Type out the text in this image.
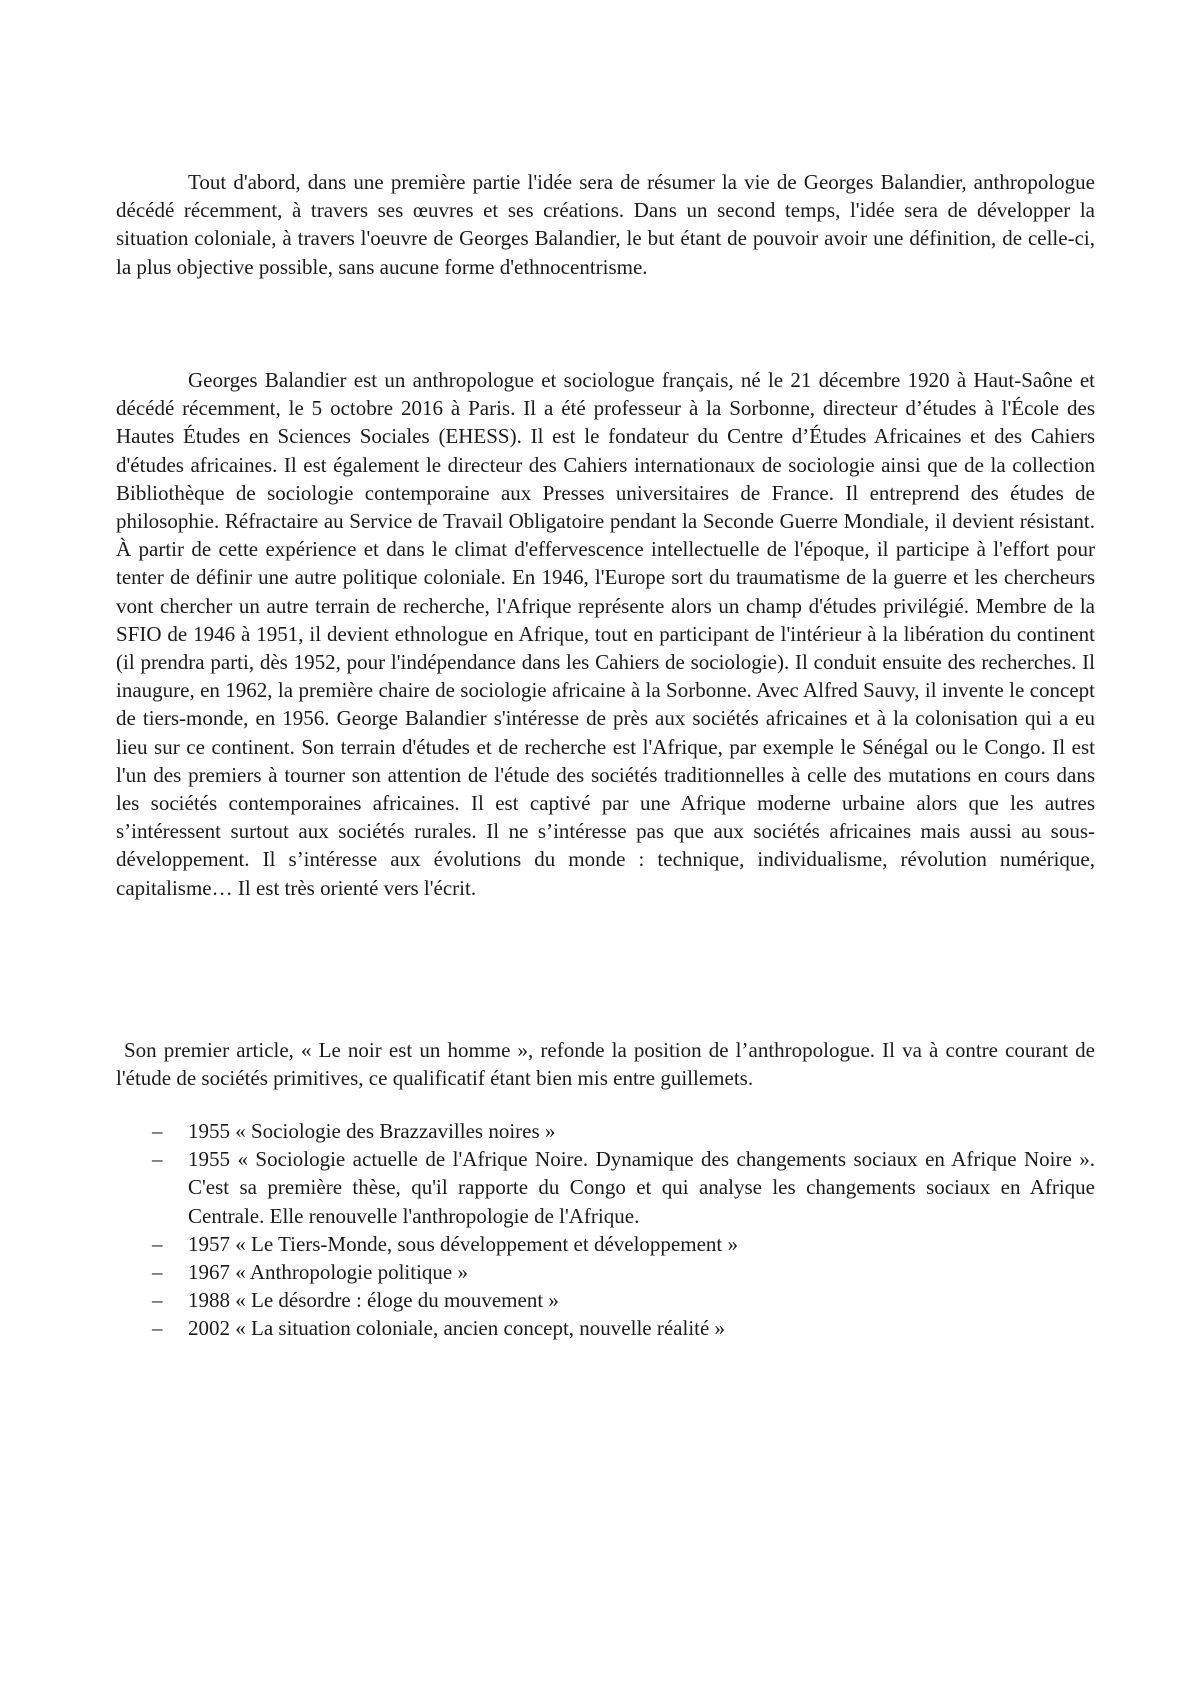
Tout d'abord, dans une première partie l'idée sera de résumer la vie de Georges Balandier, anthropologue décédé récemment, à travers ses œuvres et ses créations. Dans un second temps, l'idée sera de développer la situation coloniale, à travers l'oeuvre de Georges Balandier, le but étant de pouvoir avoir une définition, de celle-ci, la plus objective possible, sans aucune forme d'ethnocentrisme.

Georges Balandier est un anthropologue et sociologue français, né le 21 décembre 1920 à Haut-Saône et décédé récemment, le 5 octobre 2016 à Paris. Il a été professeur à la Sorbonne, directeur d’études à l'École des Hautes Études en Sciences Sociales (EHESS). Il est le fondateur du Centre d’Études Africaines et des Cahiers d'études africaines. Il est également le directeur des Cahiers internationaux de sociologie ainsi que de la collection Bibliothèque de sociologie contemporaine aux Presses universitaires de France. Il entreprend des études de philosophie. Réfractaire au Service de Travail Obligatoire pendant la Seconde Guerre Mondiale, il devient résistant. À partir de cette expérience et dans le climat d'effervescence intellectuelle de l'époque, il participe à l'effort pour tenter de définir une autre politique coloniale. En 1946, l'Europe sort du traumatisme de la guerre et les chercheurs vont chercher un autre terrain de recherche, l'Afrique représente alors un champ d'études privilégié. Membre de la SFIO de 1946 à 1951, il devient ethnologue en Afrique, tout en participant de l'intérieur à la libération du continent (il prendra parti, dès 1952, pour l'indépendance dans les Cahiers de sociologie). Il conduit ensuite des recherches. Il inaugure, en 1962, la première chaire de sociologie africaine à la Sorbonne. Avec Alfred Sauvy, il invente le concept de tiers-monde, en 1956. George Balandier s'intéresse de près aux sociétés africaines et à la colonisation qui a eu lieu sur ce continent. Son terrain d'études et de recherche est l'Afrique, par exemple le Sénégal ou le Congo. Il est l'un des premiers à tourner son attention de l'étude des sociétés traditionnelles à celle des mutations en cours dans les sociétés contemporaines africaines. Il est captivé par une Afrique moderne urbaine alors que les autres s’intéressent surtout aux sociétés rurales. Il ne s’intéresse pas que aux sociétés africaines mais aussi au sous-développement. Il s’intéresse aux évolutions du monde : technique, individualisme, révolution numérique, capitalisme… Il est très orienté vers l'écrit.

Son premier article, « Le noir est un homme », refonde la position de l’anthropologue. Il va à contre courant de l'étude de sociétés primitives, ce qualificatif étant bien mis entre guillemets.

– 1955 « Sociologie des Brazzavilles noires »
– 1955 « Sociologie actuelle de l'Afrique Noire. Dynamique des changements sociaux en Afrique Noire ». C'est sa première thèse, qu'il rapporte du Congo et qui analyse les changements sociaux en Afrique Centrale. Elle renouvelle l'anthropologie de l'Afrique.
– 1957 « Le Tiers-Monde, sous développement et développement »
– 1967 « Anthropologie politique »
– 1988 « Le désordre : éloge du mouvement »
– 2002 « La situation coloniale, ancien concept, nouvelle réalité »
